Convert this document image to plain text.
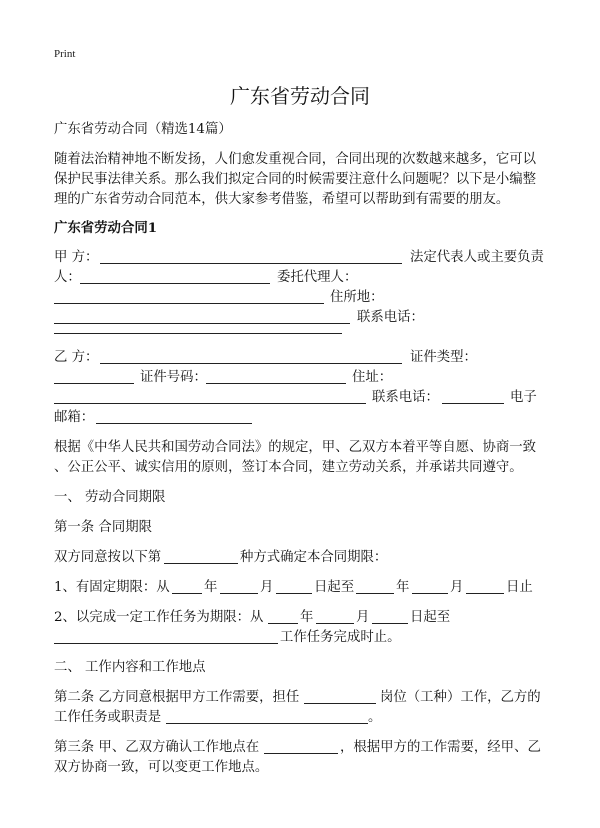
Print
广东省劳动合同
广东省劳动合同（精选14篇）
随着法治精神地不断发扬，人们愈发重视合同，合同出现的次数越来越多，它可以
保护民事法律关系。那么我们拟定合同的时候需要注意什么问题呢？以下是小编整
理的广东省劳动合同范本，供大家参考借鉴，希望可以帮助到有需要的朋友。
广东省劳动合同1
甲 方：	法定代表人或主要负责
人：	委托代理人：
住所地：
联系电话：
乙 方：	证件类型：
证件号码：	住址：
联系电话：	电子
邮箱：
根据《中华人民共和国劳动合同法》的规定，甲、乙双方本着平等自愿、协商一致
、公正公平、诚实信用的原则，签订本合同，建立劳动关系，并承诺共同遵守。
一、 劳动合同期限
第一条 合同期限
双方同意按以下第	种方式确定本合同期限：
1、有固定期限：从	年	月	日起至	年	月	日止
2、以完成一定工作任务为期限：从	年	月	日起至
工作任务完成时止。
二、 工作内容和工作地点
第二条 乙方同意根据甲方工作需要，担任	岗位（工种）工作，乙方的
工作任务或职责是	。
第三条 甲、乙双方确认工作地点在	，根据甲方的工作需要，经甲、乙
双方协商一致，可以变更工作地点。
